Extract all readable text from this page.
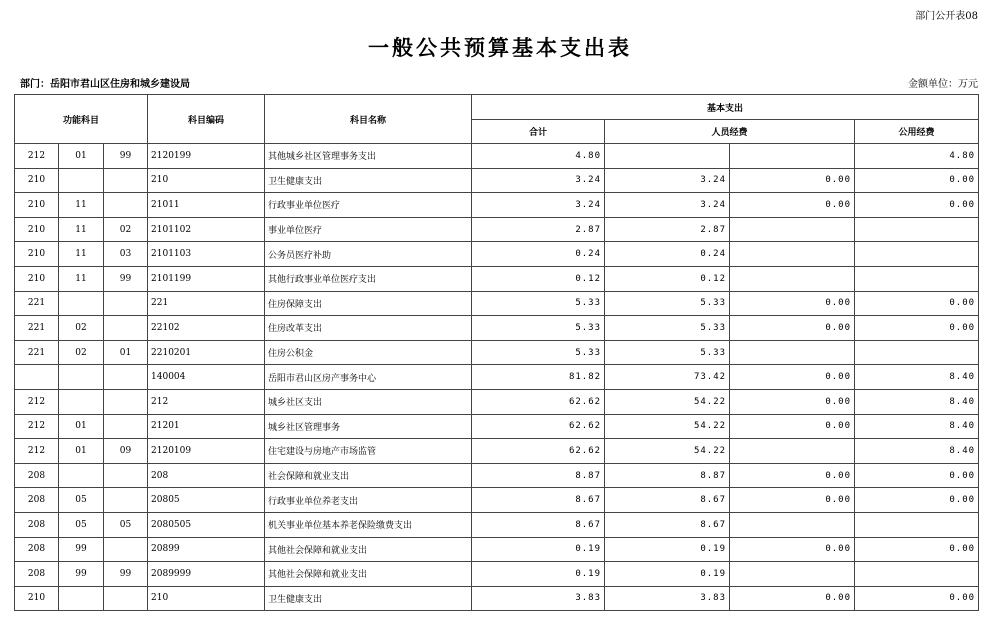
部门公开表08
一般公共预算基本支出表
部门：岳阳市君山区住房和城乡建设局	金额单位：万元
功能科目			科目编码	科目名称	基本支出			
					合计	人员经费		公用经费
212	01	99	2120199	其他城乡社区管理事务支出	4.80			4.80
210			210	卫生健康支出	3.24	3.24	0.00	0.00
210	11		21011	行政事业单位医疗	3.24	3.24	0.00	0.00
210	11	02	2101102	事业单位医疗	2.87	2.87		
210	11	03	2101103	公务员医疗补助	0.24	0.24		
210	11	99	2101199	其他行政事业单位医疗支出	0.12	0.12		
221			221	住房保障支出	5.33	5.33	0.00	0.00
221	02		22102	住房改革支出	5.33	5.33	0.00	0.00
221	02	01	2210201	住房公积金	5.33	5.33		
			140004	岳阳市君山区房产事务中心	81.82	73.42	0.00	8.40
212			212	城乡社区支出	62.62	54.22	0.00	8.40
212	01		21201	城乡社区管理事务	62.62	54.22	0.00	8.40
212	01	09	2120109	住宅建设与房地产市场监管	62.62	54.22		8.40
208			208	社会保障和就业支出	8.87	8.87	0.00	0.00
208	05		20805	行政事业单位养老支出	8.67	8.67	0.00	0.00
208	05	05	2080505	机关事业单位基本养老保险缴费支出	8.67	8.67		
208	99		20899	其他社会保障和就业支出	0.19	0.19	0.00	0.00
208	99	99	2089999	其他社会保障和就业支出	0.19	0.19		
210			210	卫生健康支出	3.83	3.83	0.00	0.00
